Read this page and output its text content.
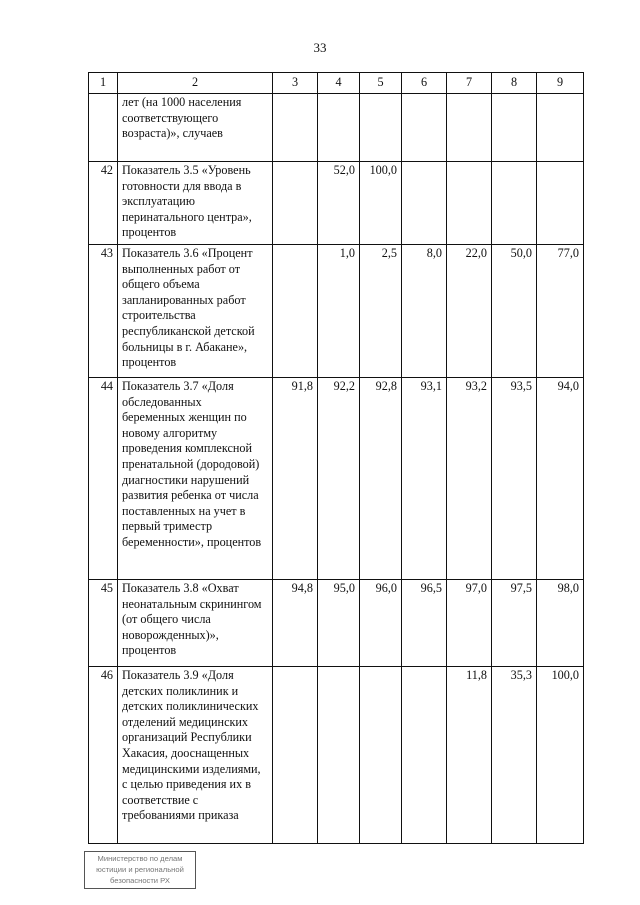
33
1	2	3	4	5	6	7	8	9
	лет (на 1000 населения соответствующего возраста)», случаев							
42	Показатель 3.5 «Уровень готовности для ввода в эксплуатацию перинатального центра», процентов		52,0	100,0				
43	Показатель 3.6 «Процент выполненных работ от общего объема запланированных работ строительства республиканской детской больницы в г. Абакане», процентов		1,0	2,5	8,0	22,0	50,0	77,0
44	Показатель 3.7 «Доля обследованных беременных женщин по новому алгоритму проведения комплексной пренатальной (дородовой) диагностики нарушений развития ребенка от числа поставленных на учет в первый триместр беременности», процентов	91,8	92,2	92,8	93,1	93,2	93,5	94,0
45	Показатель 3.8 «Охват неонатальным скринингом (от общего числа новорожденных)», процентов	94,8	95,0	96,0	96,5	97,0	97,5	98,0
46	Показатель 3.9 «Доля детских поликлиник и детских поликлинических отделений медицинских организаций Республики Хакасия, дооснащенных медицинскими изделиями, с целью приведения их в соответствие с требованиями приказа					11,8	35,3	100,0
Министерство по делам
юстиции и региональной
безопасности РХ
